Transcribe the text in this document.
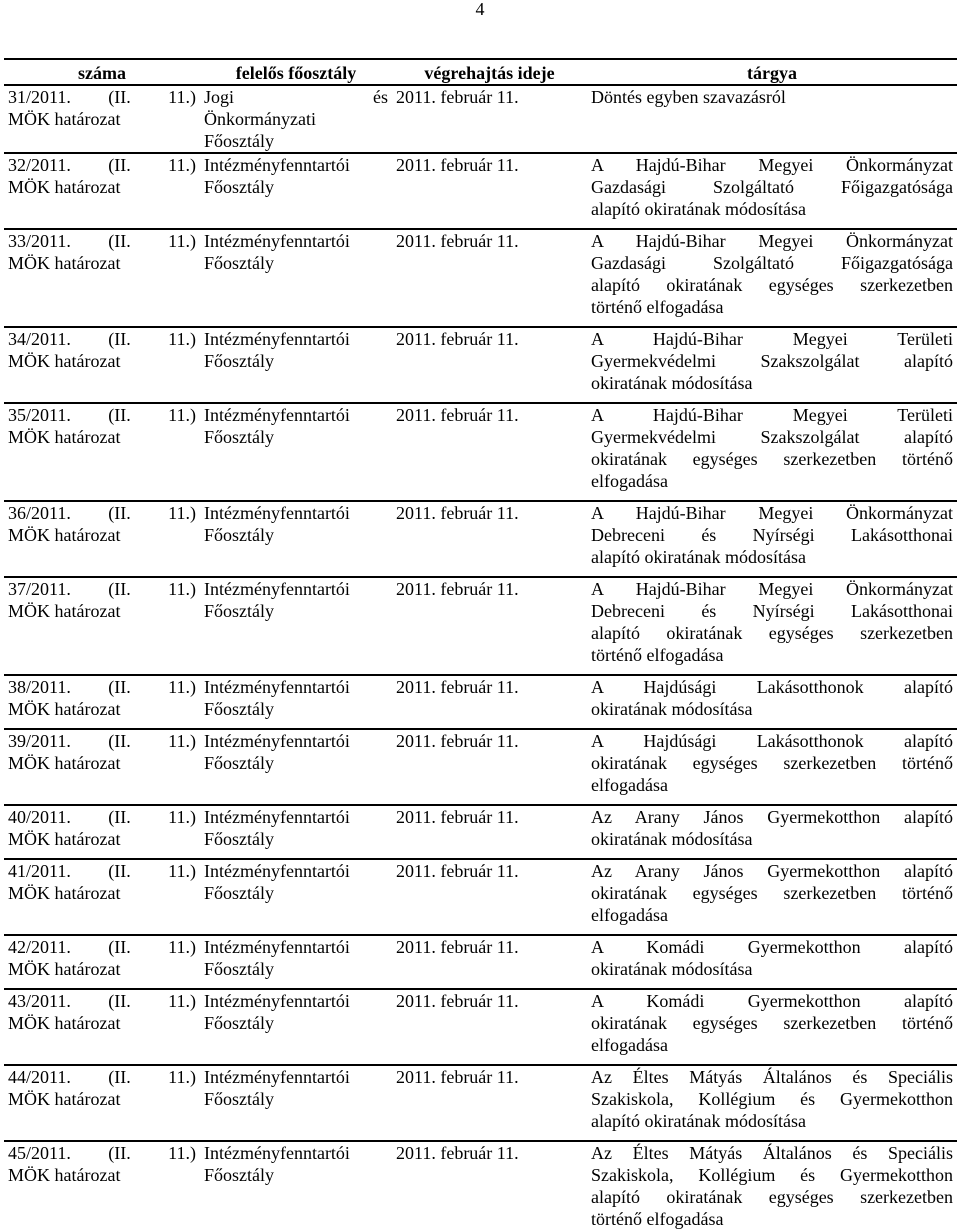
4
száma	felelős főosztály	végrehajtás ideje	tárgya

31/2011. (II. 11.)
MÖK határozat	Jogi és
Önkormányzati
Főosztály	2011. február 11.	Döntés egyben szavazásról

32/2011. (II. 11.)
MÖK határozat	Intézményfenntartói
Főosztály	2011. február 11.	A Hajdú-Bihar Megyei Önkormányzat
Gazdasági Szolgáltató Főigazgatósága
alapító okiratának módosítása

33/2011. (II. 11.)
MÖK határozat	Intézményfenntartói
Főosztály	2011. február 11.	A Hajdú-Bihar Megyei Önkormányzat
Gazdasági Szolgáltató Főigazgatósága
alapító okiratának egységes szerkezetben
történő elfogadása

34/2011. (II. 11.)
MÖK határozat	Intézményfenntartói
Főosztály	2011. február 11.	A Hajdú-Bihar Megyei Területi
Gyermekvédelmi Szakszolgálat alapító
okiratának módosítása

35/2011. (II. 11.)
MÖK határozat	Intézményfenntartói
Főosztály	2011. február 11.	A Hajdú-Bihar Megyei Területi
Gyermekvédelmi Szakszolgálat alapító
okiratának egységes szerkezetben történő
elfogadása

36/2011. (II. 11.)
MÖK határozat	Intézményfenntartói
Főosztály	2011. február 11.	A Hajdú-Bihar Megyei Önkormányzat
Debreceni és Nyírségi Lakásotthonai
alapító okiratának módosítása

37/2011. (II. 11.)
MÖK határozat	Intézményfenntartói
Főosztály	2011. február 11.	A Hajdú-Bihar Megyei Önkormányzat
Debreceni és Nyírségi Lakásotthonai
alapító okiratának egységes szerkezetben
történő elfogadása

38/2011. (II. 11.)
MÖK határozat	Intézményfenntartói
Főosztály	2011. február 11.	A Hajdúsági Lakásotthonok alapító
okiratának módosítása

39/2011. (II. 11.)
MÖK határozat	Intézményfenntartói
Főosztály	2011. február 11.	A Hajdúsági Lakásotthonok alapító
okiratának egységes szerkezetben történő
elfogadása

40/2011. (II. 11.)
MÖK határozat	Intézményfenntartói
Főosztály	2011. február 11.	Az Arany János Gyermekotthon alapító
okiratának módosítása

41/2011. (II. 11.)
MÖK határozat	Intézményfenntartói
Főosztály	2011. február 11.	Az Arany János Gyermekotthon alapító
okiratának egységes szerkezetben történő
elfogadása

42/2011. (II. 11.)
MÖK határozat	Intézményfenntartói
Főosztály	2011. február 11.	A Komádi Gyermekotthon alapító
okiratának módosítása

43/2011. (II. 11.)
MÖK határozat	Intézményfenntartói
Főosztály	2011. február 11.	A Komádi Gyermekotthon alapító
okiratának egységes szerkezetben történő
elfogadása

44/2011. (II. 11.)
MÖK határozat	Intézményfenntartói
Főosztály	2011. február 11.	Az Éltes Mátyás Általános és Speciális
Szakiskola, Kollégium és Gyermekotthon
alapító okiratának módosítása

45/2011. (II. 11.)
MÖK határozat	Intézményfenntartói
Főosztály	2011. február 11.	Az Éltes Mátyás Általános és Speciális
Szakiskola, Kollégium és Gyermekotthon
alapító okiratának egységes szerkezetben
történő elfogadása
